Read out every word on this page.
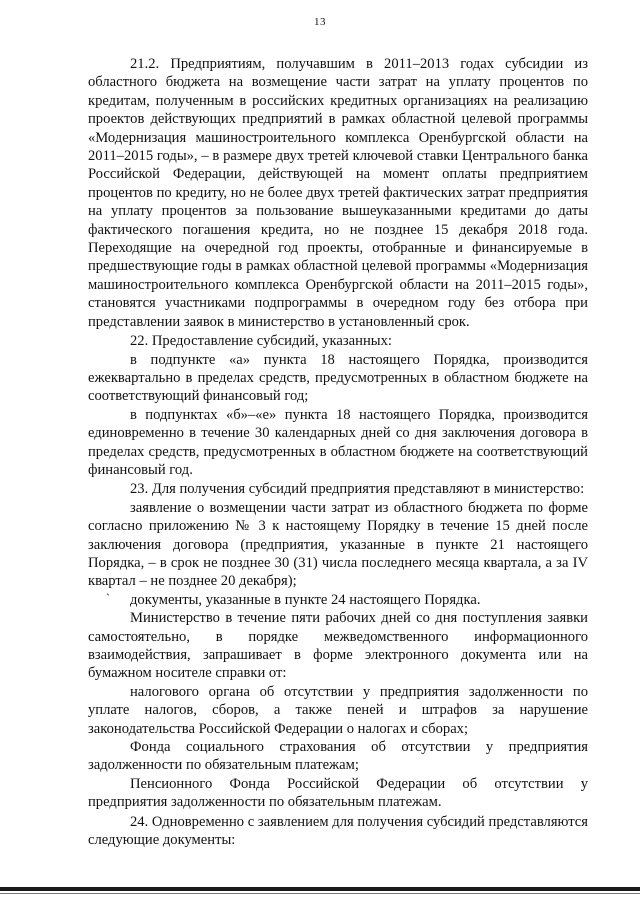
13

21.2. Предприятиям, получавшим в 2011–2013 годах субсидии из областного бюджета на возмещение части затрат на уплату процентов по кредитам, полученным в российских кредитных организациях на реализацию проектов действующих предприятий в рамках областной целевой программы «Модернизация машиностроительного комплекса Оренбургской области на 2011–2015 годы», – в размере двух третей ключевой ставки Центрального банка Российской Федерации, действующей на момент оплаты предприятием процентов по кредиту, но не более двух третей фактических затрат предприятия на уплату процентов за пользование вышеуказанными кредитами до даты фактического погашения кредита, но не позднее 15 декабря 2018 года. Переходящие на очередной год проекты, отобранные и финансируемые в предшествующие годы в рамках областной целевой программы «Модернизация машиностроительного комплекса Оренбургской области на 2011–2015 годы», становятся участниками подпрограммы в очередном году без отбора при представлении заявок в министерство в установленный срок.

22. Предоставление субсидий, указанных:

в подпункте «а» пункта 18 настоящего Порядка, производится ежеквартально в пределах средств, предусмотренных в областном бюджете на соответствующий финансовый год;

в подпунктах «б»–«е» пункта 18 настоящего Порядка, производится единовременно в течение 30 календарных дней со дня заключения договора в пределах средств, предусмотренных в областном бюджете на соответствующий финансовый год.

23. Для получения субсидий предприятия представляют в министерство:

заявление о возмещении части затрат из областного бюджета по форме согласно приложению № 3 к настоящему Порядку в течение 15 дней после заключения договора (предприятия, указанные в пункте 21 настоящего Порядка, – в срок не позднее 30 (31) числа последнего месяца квартала, а за IV квартал – не позднее 20 декабря);

документы, указанные в пункте 24 настоящего Порядка.

Министерство в течение пяти рабочих дней со дня поступления заявки самостоятельно, в порядке межведомственного информационного взаимодействия, запрашивает в форме электронного документа или на бумажном носителе справки от:

налогового органа об отсутствии у предприятия задолженности по уплате налогов, сборов, а также пеней и штрафов за нарушение законодательства Российской Федерации о налогах и сборах;

Фонда социального страхования об отсутствии у предприятия задолженности по обязательным платежам;

Пенсионного Фонда Российской Федерации об отсутствии у предприятия задолженности по обязательным платежам.

24. Одновременно с заявлением для получения субсидий представляются следующие документы:

`
